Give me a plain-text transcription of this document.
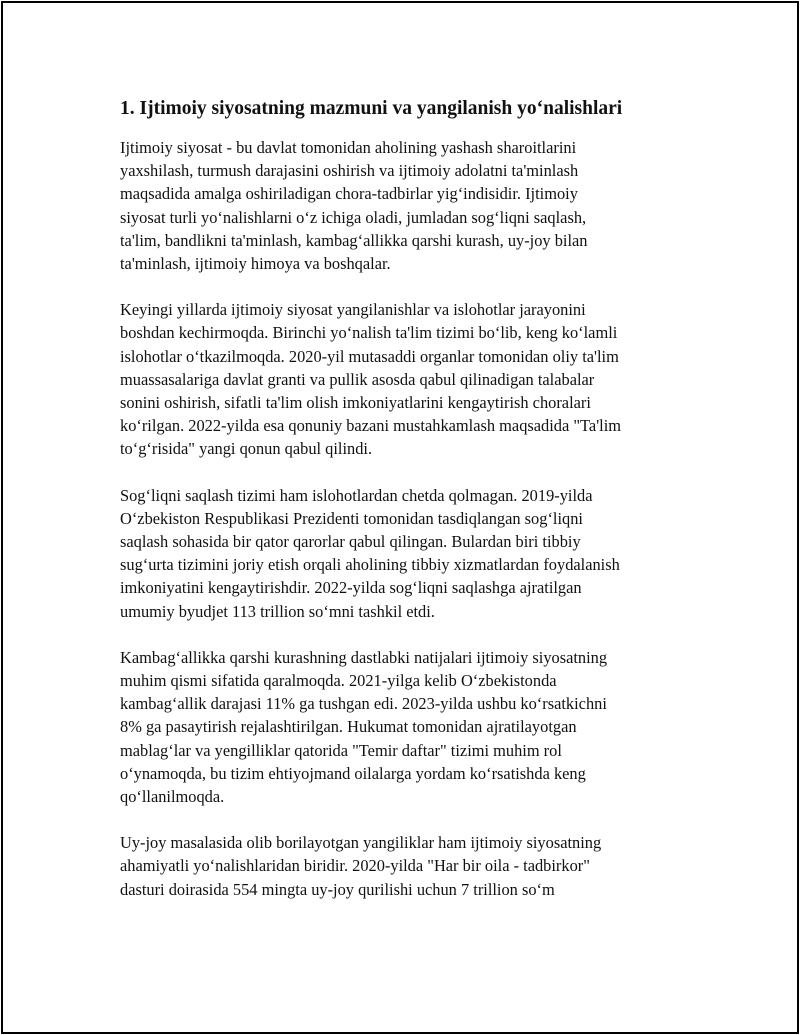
1. Ijtimoiy siyosatning mazmuni va yangilanish yoʻnalishlari

Ijtimoiy siyosat - bu davlat tomonidan aholining yashash sharoitlarini
yaxshilash, turmush darajasini oshirish va ijtimoiy adolatni ta'minlash
maqsadida amalga oshiriladigan chora-tadbirlar yigʻindisidir. Ijtimoiy
siyosat turli yoʻnalishlarni oʻz ichiga oladi, jumladan sogʻliqni saqlash,
ta'lim, bandlikni ta'minlash, kambagʻallikka qarshi kurash, uy-joy bilan
ta'minlash, ijtimoiy himoya va boshqalar.

Keyingi yillarda ijtimoiy siyosat yangilanishlar va islohotlar jarayonini
boshdan kechirmoqda. Birinchi yoʻnalish ta'lim tizimi boʻlib, keng koʻlamli
islohotlar oʻtkazilmoqda. 2020-yil mutasaddi organlar tomonidan oliy ta'lim
muassasalariga davlat granti va pullik asosda qabul qilinadigan talabalar
sonini oshirish, sifatli ta'lim olish imkoniyatlarini kengaytirish choralari
koʻrilgan. 2022-yilda esa qonuniy bazani mustahkamlash maqsadida "Ta'lim
toʻgʻrisida" yangi qonun qabul qilindi.

Sogʻliqni saqlash tizimi ham islohotlardan chetda qolmagan. 2019-yilda
Oʻzbekiston Respublikasi Prezidenti tomonidan tasdiqlangan sogʻliqni
saqlash sohasida bir qator qarorlar qabul qilingan. Bulardan biri tibbiy
sugʻurta tizimini joriy etish orqali aholining tibbiy xizmatlardan foydalanish
imkoniyatini kengaytirishdir. 2022-yilda sogʻliqni saqlashga ajratilgan
umumiy byudjet 113 trillion soʻmni tashkil etdi.

Kambagʻallikka qarshi kurashning dastlabki natijalari ijtimoiy siyosatning
muhim qismi sifatida qaralmoqda. 2021-yilga kelib Oʻzbekistonda
kambagʻallik darajasi 11% ga tushgan edi. 2023-yilda ushbu koʻrsatkichni
8% ga pasaytirish rejalashtirilgan. Hukumat tomonidan ajratilayotgan
mablagʻlar va yengilliklar qatorida "Temir daftar" tizimi muhim rol
oʻynamoqda, bu tizim ehtiyojmand oilalarga yordam koʻrsatishda keng
qoʻllanilmoqda.

Uy-joy masalasida olib borilayotgan yangiliklar ham ijtimoiy siyosatning
ahamiyatli yoʻnalishlaridan biridir. 2020-yilda "Har bir oila - tadbirkor"
dasturi doirasida 554 mingta uy-joy qurilishi uchun 7 trillion soʻm
